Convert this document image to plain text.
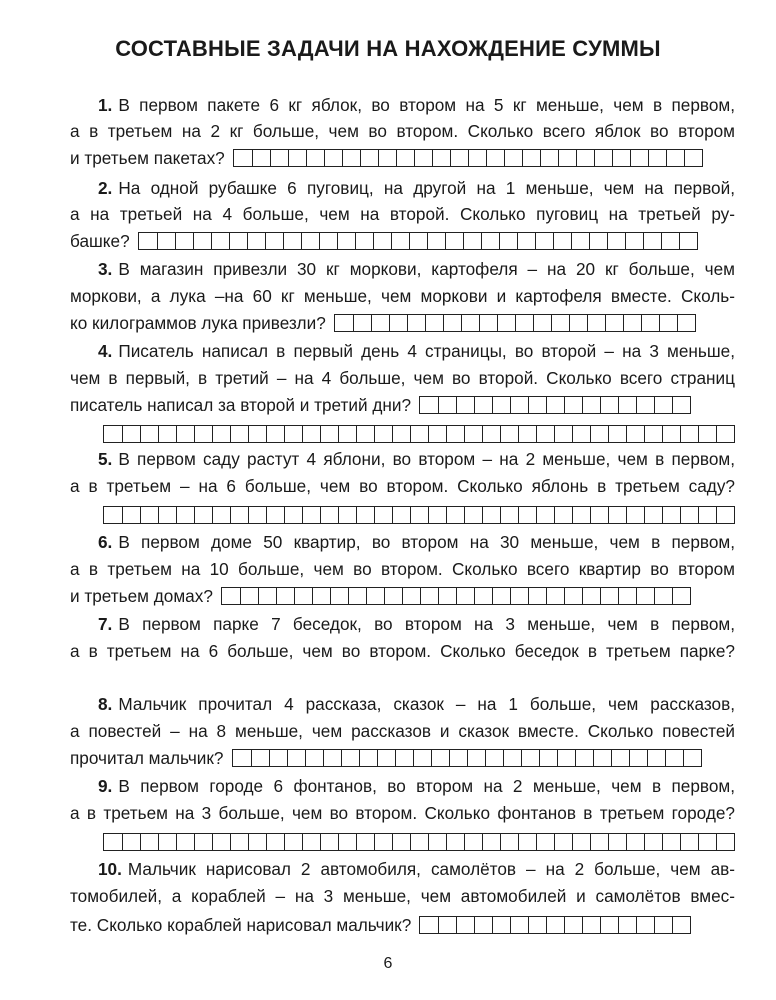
СОСТАВНЫЕ ЗАДАЧИ НА НАХОЖДЕНИЕ СУММЫ
1. В первом пакете 6 кг яблок, во втором на 5 кг меньше, чем в первом,
а в третьем на 2 кг больше, чем во втором. Сколько всего яблок во втором
и третьем пакетах?
2. На одной рубашке 6 пуговиц, на другой на 1 меньше, чем на первой,
а на третьей на 4 больше, чем на второй. Сколько пуговиц на третьей ру-
башке?
3. В магазин привезли 30 кг моркови, картофеля – на 20 кг больше, чем
моркови, а лука –на 60 кг меньше, чем моркови и картофеля вместе. Сколь-
ко килограммов лука привезли?
4. Писатель написал в первый день 4 страницы, во второй – на 3 меньше,
чем в первый, в третий – на 4 больше, чем во второй. Сколько всего страниц
писатель написал за второй и третий дни?
5. В первом саду растут 4 яблони, во втором – на 2 меньше, чем в первом,
а в третьем – на 6 больше, чем во втором. Сколько яблонь в третьем саду?
6. В первом доме 50 квартир, во втором на 30 меньше, чем в первом,
а в третьем на 10 больше, чем во втором. Сколько всего квартир во втором
и третьем домах?
7. В первом парке 7 беседок, во втором на 3 меньше, чем в первом,
а в третьем на 6 больше, чем во втором. Сколько беседок в третьем парке?
8. Мальчик прочитал 4 рассказа, сказок – на 1 больше, чем рассказов,
а повестей – на 8 меньше, чем рассказов и сказок вместе. Сколько повестей
прочитал мальчик?
9. В первом городе 6 фонтанов, во втором на 2 меньше, чем в первом,
а в третьем на 3 больше, чем во втором. Сколько фонтанов в третьем городе?
10. Мальчик нарисовал 2 автомобиля, самолётов – на 2 больше, чем ав-
томобилей, а кораблей – на 3 меньше, чем автомобилей и самолётов вмес-
те. Сколько кораблей нарисовал мальчик?
6
